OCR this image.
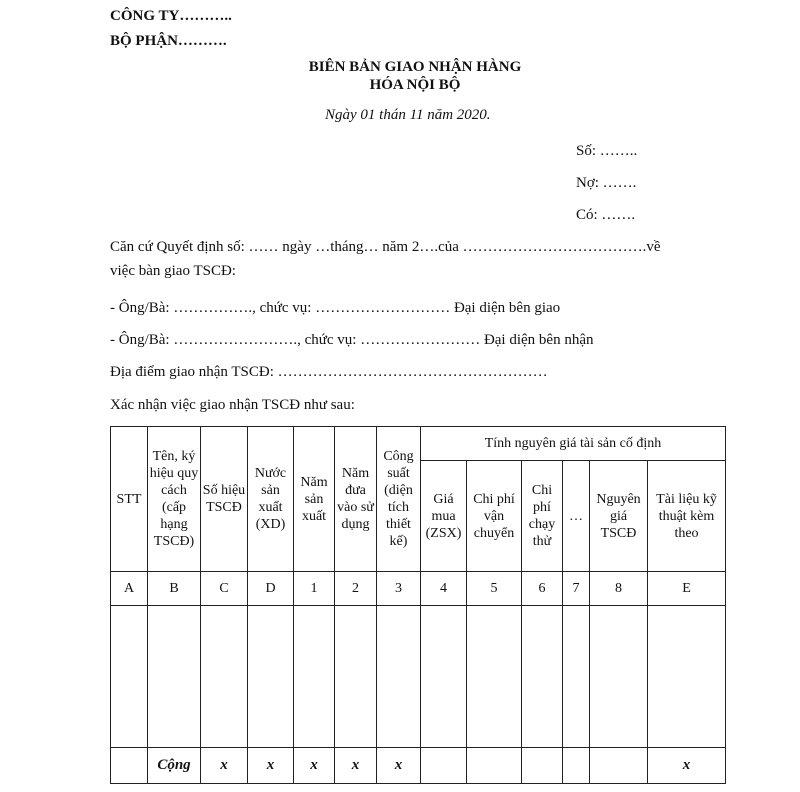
CÔNG TY………..
BỘ PHẬN……….
BIÊN BẢN GIAO NHẬN HÀNG
HÓA NỘI BỘ
Ngày 01 thán 11 năm 2020.
Số: ……..
Nợ: …….
Có: …….
Căn cứ Quyết định số: …… ngày …tháng… năm 2….của ……………………………….về
việc bàn giao TSCĐ:
- Ông/Bà: ……………., chức vụ: ……………………… Đại diện bên giao
- Ông/Bà: ……………………., chức vụ: …………………… Đại diện bên nhận
Địa điểm giao nhận TSCĐ: ………………………………………………
Xác nhận việc giao nhận TSCĐ như sau:
STT	Tên, ký hiệu quy cách (cấp hạng TSCĐ)	Số hiệu TSCĐ	Nước sản xuất (XD)	Năm sản xuất	Năm đưa vào sử dụng	Công suất (diện tích thiết kế)	Tính nguyên giá tài sản cố định					
							Giá mua (ZSX)	Chi phí vận chuyển	Chi phí chạy thử	…	Nguyên giá TSCĐ	Tài liệu kỹ thuật kèm theo
A	B	C	D	1	2	3	4	5	6	7	8	E

	Cộng	x	x	x	x	x						x
